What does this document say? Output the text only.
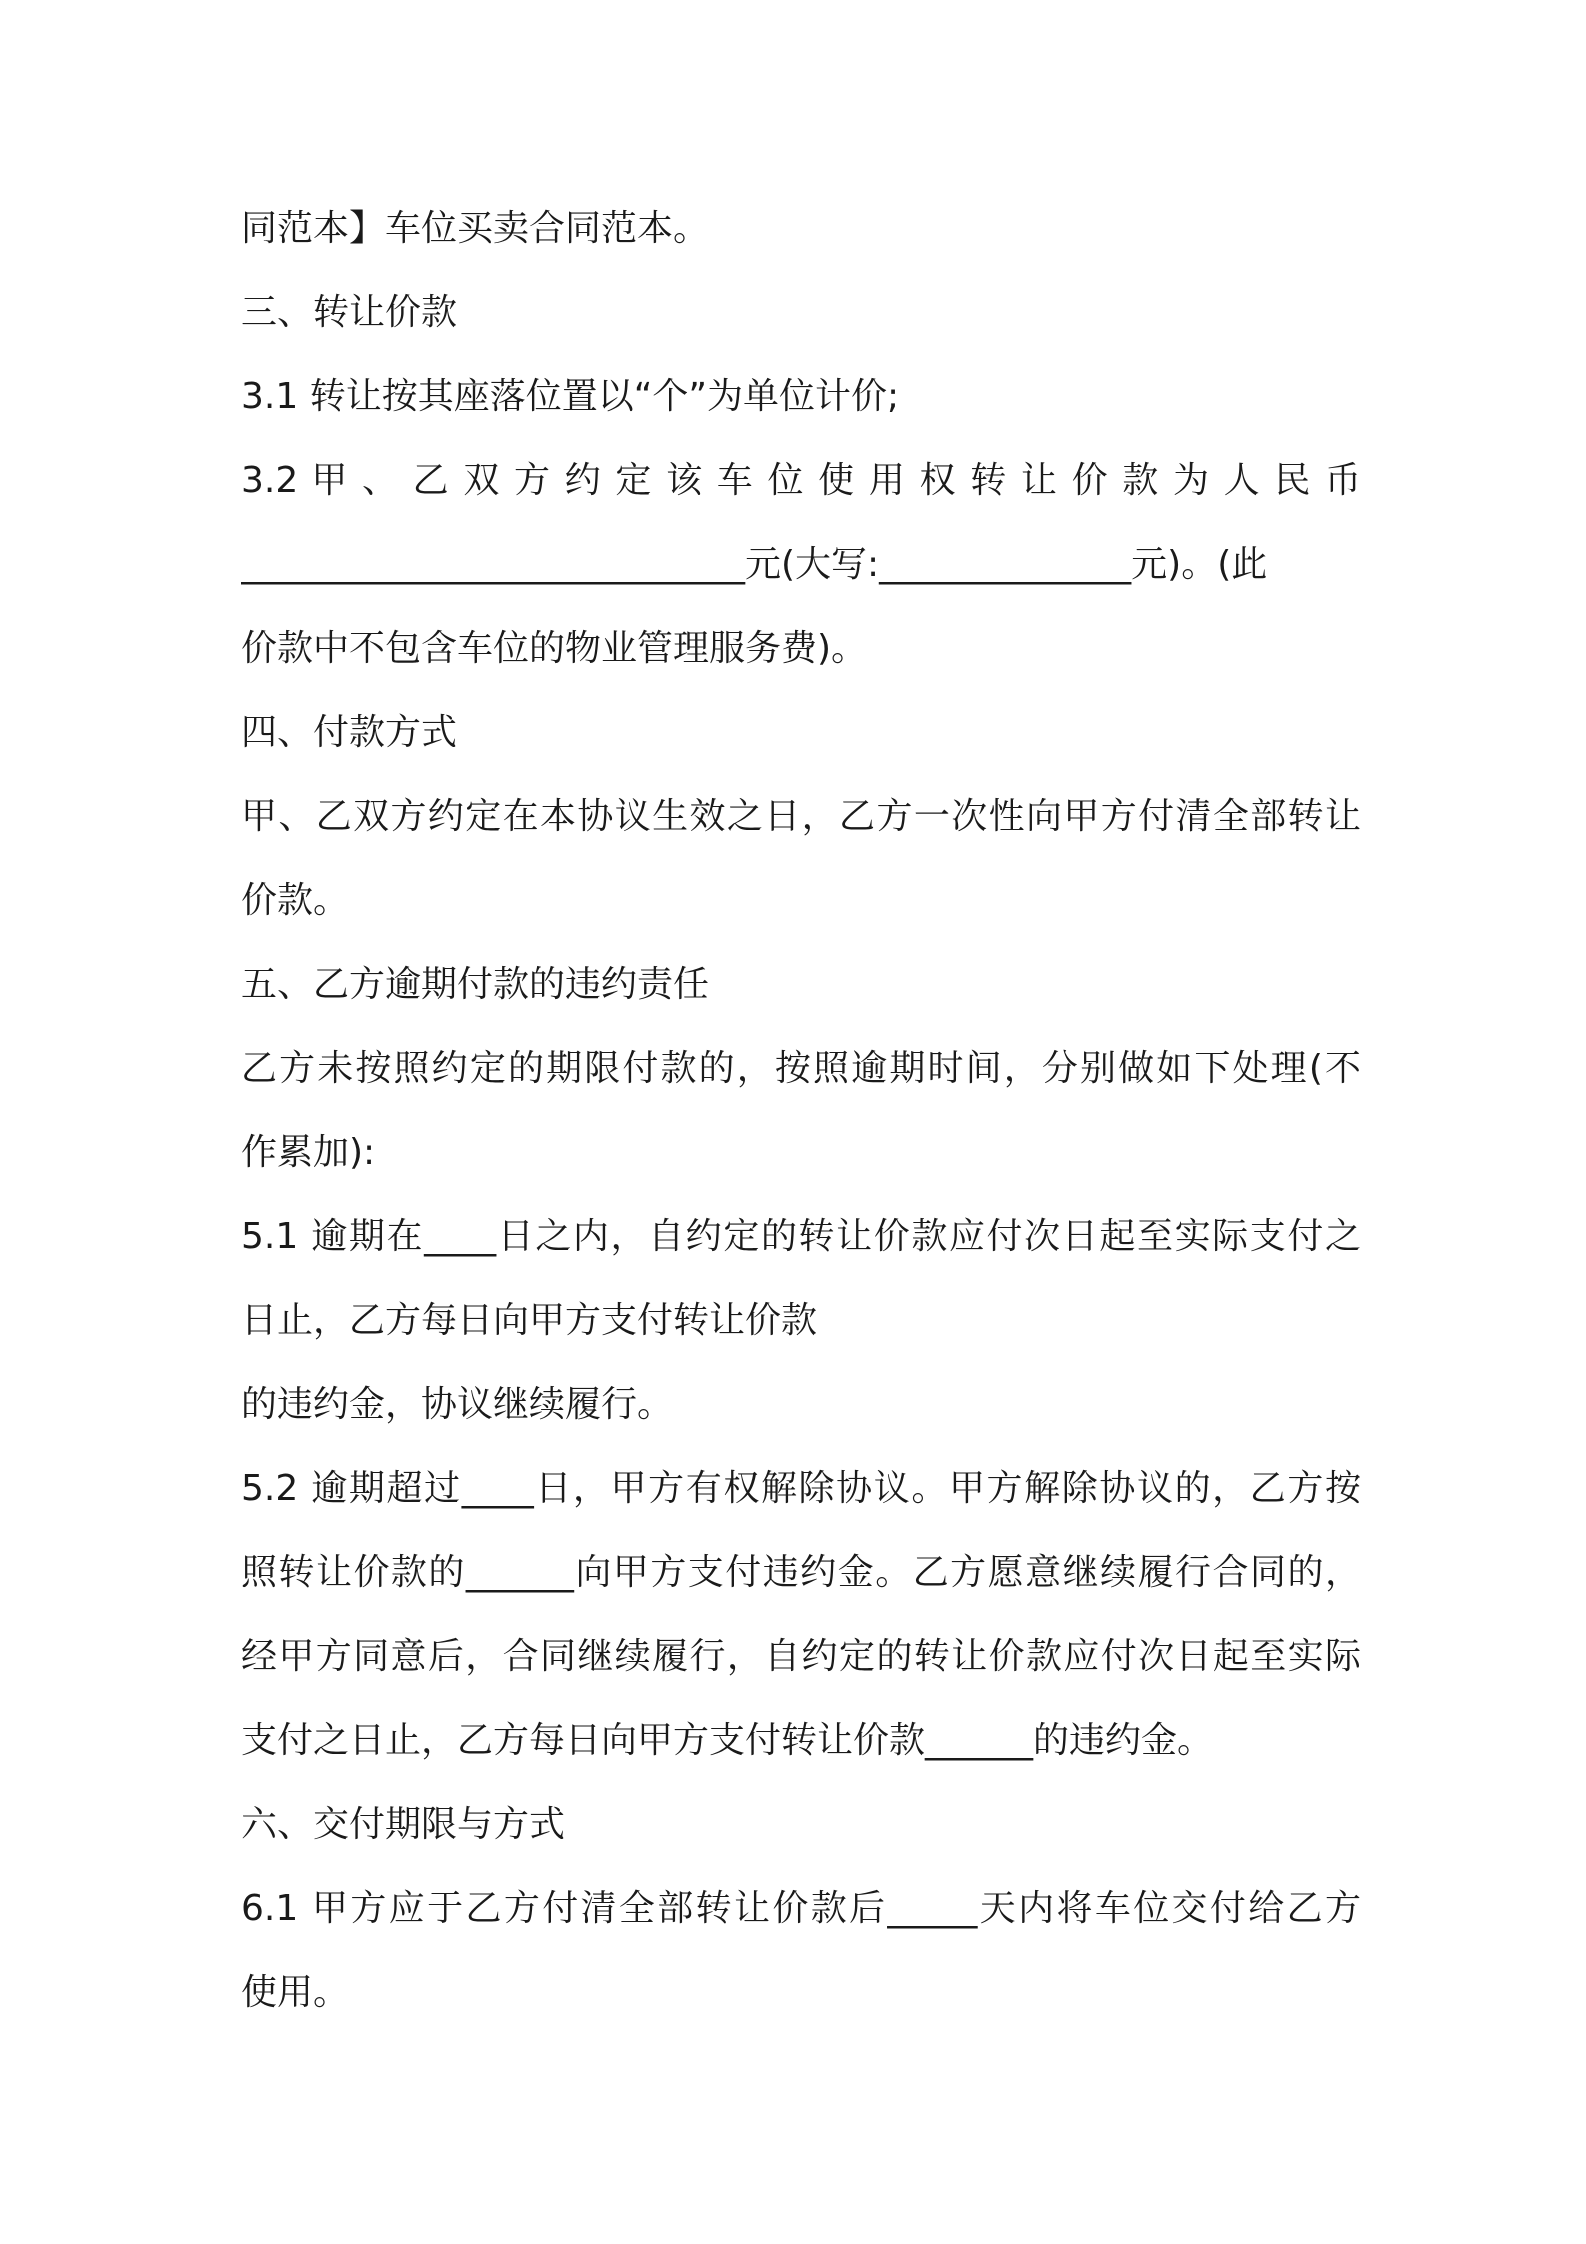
同范本】车位买卖合同范本。
三、转让价款
3.1 转让按其座落位置以“个”为单位计价;
3.2 甲 、 乙 双 方 约 定 该 车 位 使 用 权 转 让 价 款 为 人 民 币
____________________________元(大写:______________元)。(此
价款中不包含车位的物业管理服务费)。
四、付款方式
甲、乙双方约定在本协议生效之日，乙方一次性向甲方付清全部转让
价款。
五、乙方逾期付款的违约责任
乙方未按照约定的期限付款的，按照逾期时间，分别做如下处理(不
作累加):
5.1 逾期在____日之内，自约定的转让价款应付次日起至实际支付之
日止，乙方每日向甲方支付转让价款
的违约金，协议继续履行。
5.2 逾期超过____日，甲方有权解除协议。甲方解除协议的，乙方按
照转让价款的______向甲方支付违约金。乙方愿意继续履行合同的，
经甲方同意后，合同继续履行，自约定的转让价款应付次日起至实际
支付之日止，乙方每日向甲方支付转让价款______的违约金。
六、交付期限与方式
6.1 甲方应于乙方付清全部转让价款后_____天内将车位交付给乙方
使用。
